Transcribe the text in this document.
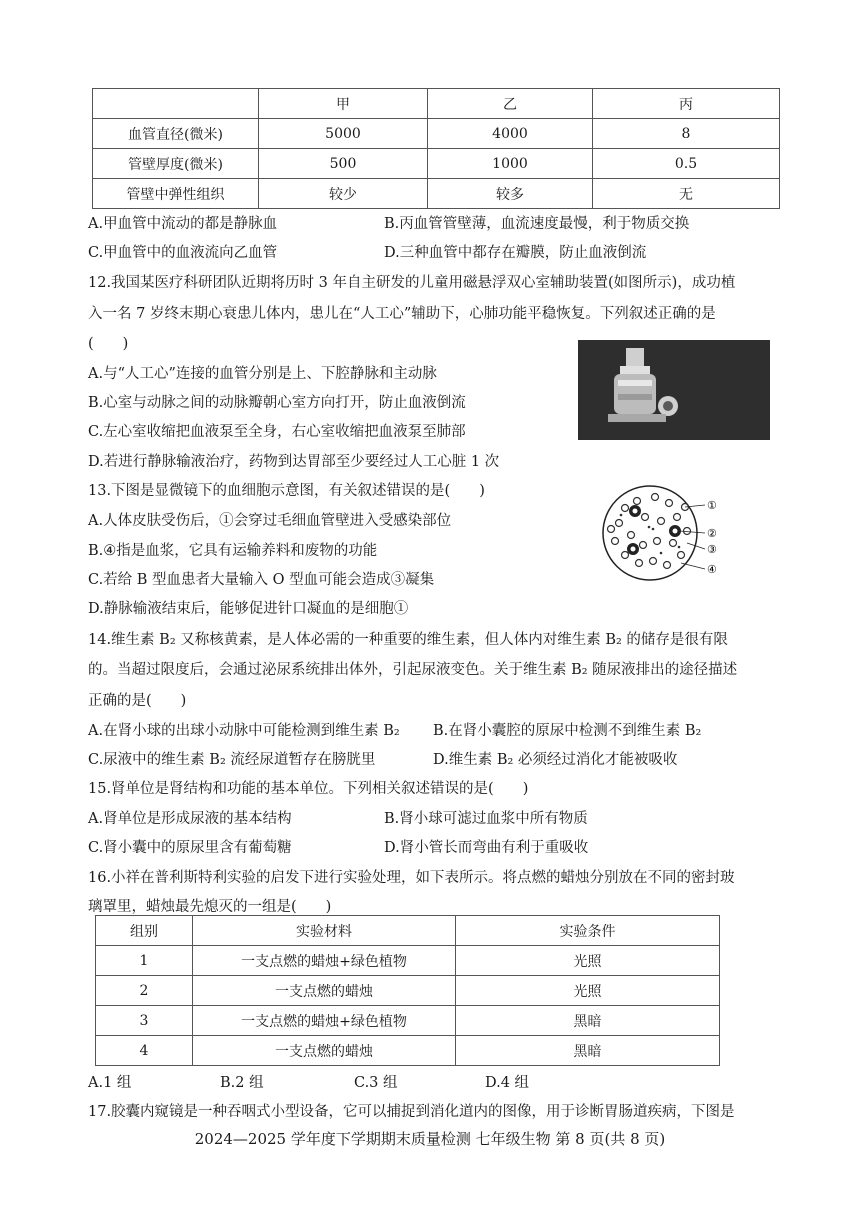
	甲	乙	丙
血管直径(微米)	5000	4000	8
管壁厚度(微米)	500	1000	0.5
管壁中弹性组织	较少	较多	无
A.甲血管中流动的都是静脉血	B.丙血管管壁薄，血流速度最慢，利于物质交换
C.甲血管中的血液流向乙血管	D.三种血管中都存在瓣膜，防止血液倒流
12.我国某医疗科研团队近期将历时 3 年自主研发的儿童用磁悬浮双心室辅助装置(如图所示)，成功植
入一名 7 岁终末期心衰患儿体内，患儿在“人工心”辅助下，心肺功能平稳恢复。下列叙述正确的是
(　　)
A.与“人工心”连接的血管分别是上、下腔静脉和主动脉
B.心室与动脉之间的动脉瓣朝心室方向打开，防止血液倒流
C.左心室收缩把血液泵至全身，右心室收缩把血液泵至肺部
D.若进行静脉输液治疗，药物到达胃部至少要经过人工心脏 1 次
13.下图是显微镜下的血细胞示意图，有关叙述错误的是(　　)
A.人体皮肤受伤后，①会穿过毛细血管壁进入受感染部位
B.④指是血浆，它具有运输养料和废物的功能
C.若给 B 型血患者大量输入 O 型血可能会造成③凝集
D.静脉输液结束后，能够促进针口凝血的是细胞①
①
②
③
④
14.维生素 B₂ 又称核黄素，是人体必需的一种重要的维生素，但人体内对维生素 B₂ 的储存是很有限
的。当超过限度后，会通过泌尿系统排出体外，引起尿液变色。关于维生素 B₂ 随尿液排出的途径描述
正确的是(　　)
A.在肾小球的出球小动脉中可能检测到维生素 B₂ B.在肾小囊腔的原尿中检测不到维生素 B₂
C.尿液中的维生素 B₂ 流经尿道暂存在膀胱里	D.维生素 B₂ 必须经过消化才能被吸收
15.肾单位是肾结构和功能的基本单位。下列相关叙述错误的是(　　)
A.肾单位是形成尿液的基本结构	B.肾小球可滤过血浆中所有物质
C.肾小囊中的原尿里含有葡萄糖	D.肾小管长而弯曲有利于重吸收
16.小祥在普利斯特利实验的启发下进行实验处理，如下表所示。将点燃的蜡烛分别放在不同的密封玻
璃罩里，蜡烛最先熄灭的一组是(　　)
组别	实验材料	实验条件
1	一支点燃的蜡烛+绿色植物	光照
2	一支点燃的蜡烛	光照
3	一支点燃的蜡烛+绿色植物	黑暗
4	一支点燃的蜡烛	黑暗
A.1 组	B.2 组	C.3 组	D.4 组
17.胶囊内窥镜是一种吞咽式小型设备，它可以捕捉到消化道内的图像，用于诊断胃肠道疾病，下图是
2024—2025 学年度下学期期末质量检测 七年级生物 第 8 页(共 8 页)
